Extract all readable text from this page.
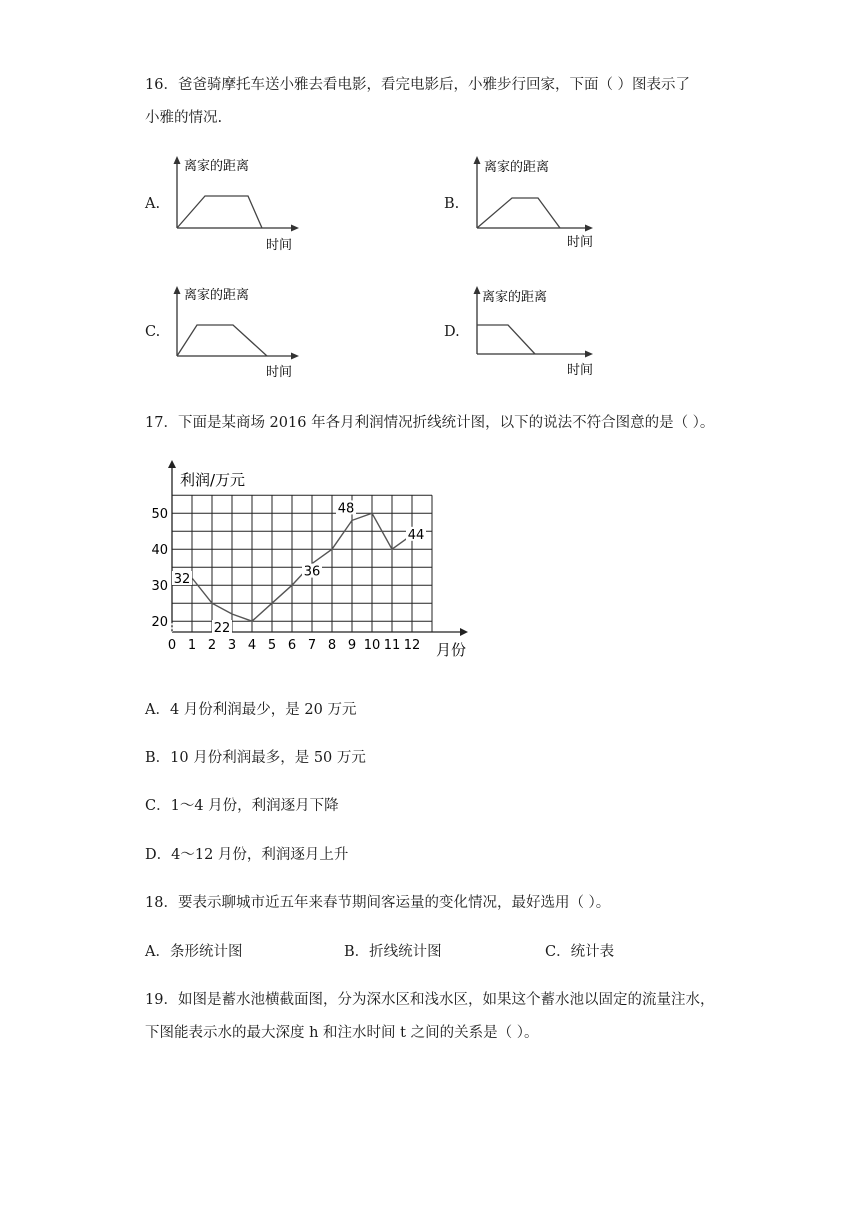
16．爸爸骑摩托车送小雅去看电影，看完电影后，小雅步行回家，下面（ ）图表示了
小雅的情况.
A.	B.
C.	D.
离家的距离
时间
离家的距离
时间
离家的距离
时间
离家的距离
时间
17．下面是某商场 2016 年各月利润情况折线统计图，以下的说法不符合图意的是（ ）。
利润/万元
月份
0 1 2 3 4 5 6 7 8 9 10 11 12
20
30
40
50
32
22
36
48
44
A．4 月份利润最少，是 20 万元
B．10 月份利润最多，是 50 万元
C．1～4 月份，利润逐月下降
D．4～12 月份，利润逐月上升
18．要表示聊城市近五年来春节期间客运量的变化情况，最好选用（ ）。
A．条形统计图	B．折线统计图	C．统计表
19．如图是蓄水池横截面图，分为深水区和浅水区，如果这个蓄水池以固定的流量注水，
下图能表示水的最大深度 h 和注水时间 t 之间的关系是（ ）。
